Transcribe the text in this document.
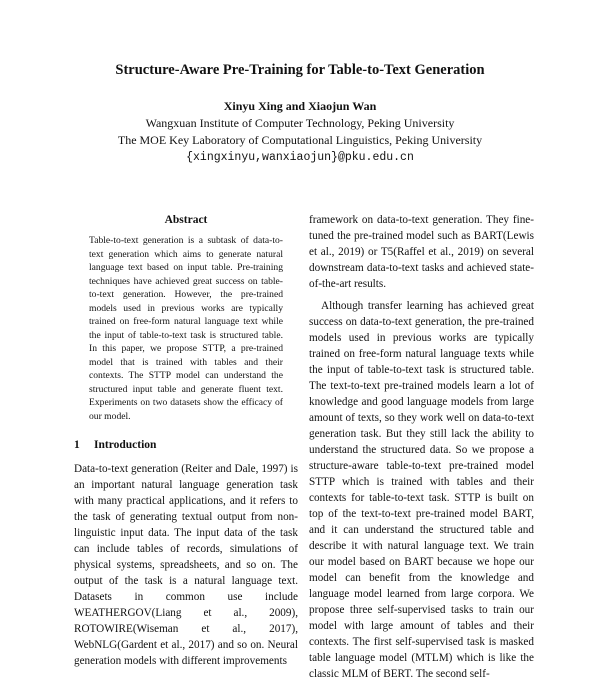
Structure-Aware Pre-Training for Table-to-Text Generation
Xinyu Xing and Xiaojun Wan
Wangxuan Institute of Computer Technology, Peking University
The MOE Key Laboratory of Computational Linguistics, Peking University
{xingxinyu,wanxiaojun}@pku.edu.cn
Abstract

Table-to-text generation is a subtask of data-to-text generation which aims to generate natural language text based on input table. Pre-training techniques have achieved great success on table-to-text generation. However, the pre-trained models used in previous works are typically trained on free-form natural language text while the input of table-to-text task is structured table. In this paper, we propose STTP, a pre-trained model that is trained with tables and their contexts. The STTP model can understand the structured input table and generate fluent text. Experiments on two datasets show the efficacy of our model.

1 Introduction

Data-to-text generation (Reiter and Dale, 1997) is an important natural language generation task with many practical applications, and it refers to the task of generating textual output from non-linguistic input data. The input data of the task can include tables of records, simulations of physical systems, spreadsheets, and so on. The output of the task is a natural language text. Datasets in common use include WEATHERGOV(Liang et al., 2009), ROTOWIRE(Wiseman et al., 2017), WebNLG(Gardent et al., 2017) and so on. Neural generation models with different improvements

framework on data-to-text generation. They fine-tuned the pre-trained model such as BART(Lewis et al., 2019) or T5(Raffel et al., 2019) on several downstream data-to-text tasks and achieved state-of-the-art results.

Although transfer learning has achieved great success on data-to-text generation, the pre-trained models used in previous works are typically trained on free-form natural language texts while the input of table-to-text task is structured table. The text-to-text pre-trained models learn a lot of knowledge and good language models from large amount of texts, so they work well on data-to-text generation task. But they still lack the ability to understand the structured data. So we propose a structure-aware table-to-text pre-trained model STTP which is trained with tables and their contexts for table-to-text task. STTP is built on top of the text-to-text pre-trained model BART, and it can understand the structured table and describe it with natural language text. We train our model based on BART because we hope our model can benefit from the knowledge and language model learned from large corpora. We propose three self-supervised tasks to train our model with large amount of tables and their contexts. The first self-supervised task is masked table language model (MTLM) which is like the classic MLM of BERT. The second self-
